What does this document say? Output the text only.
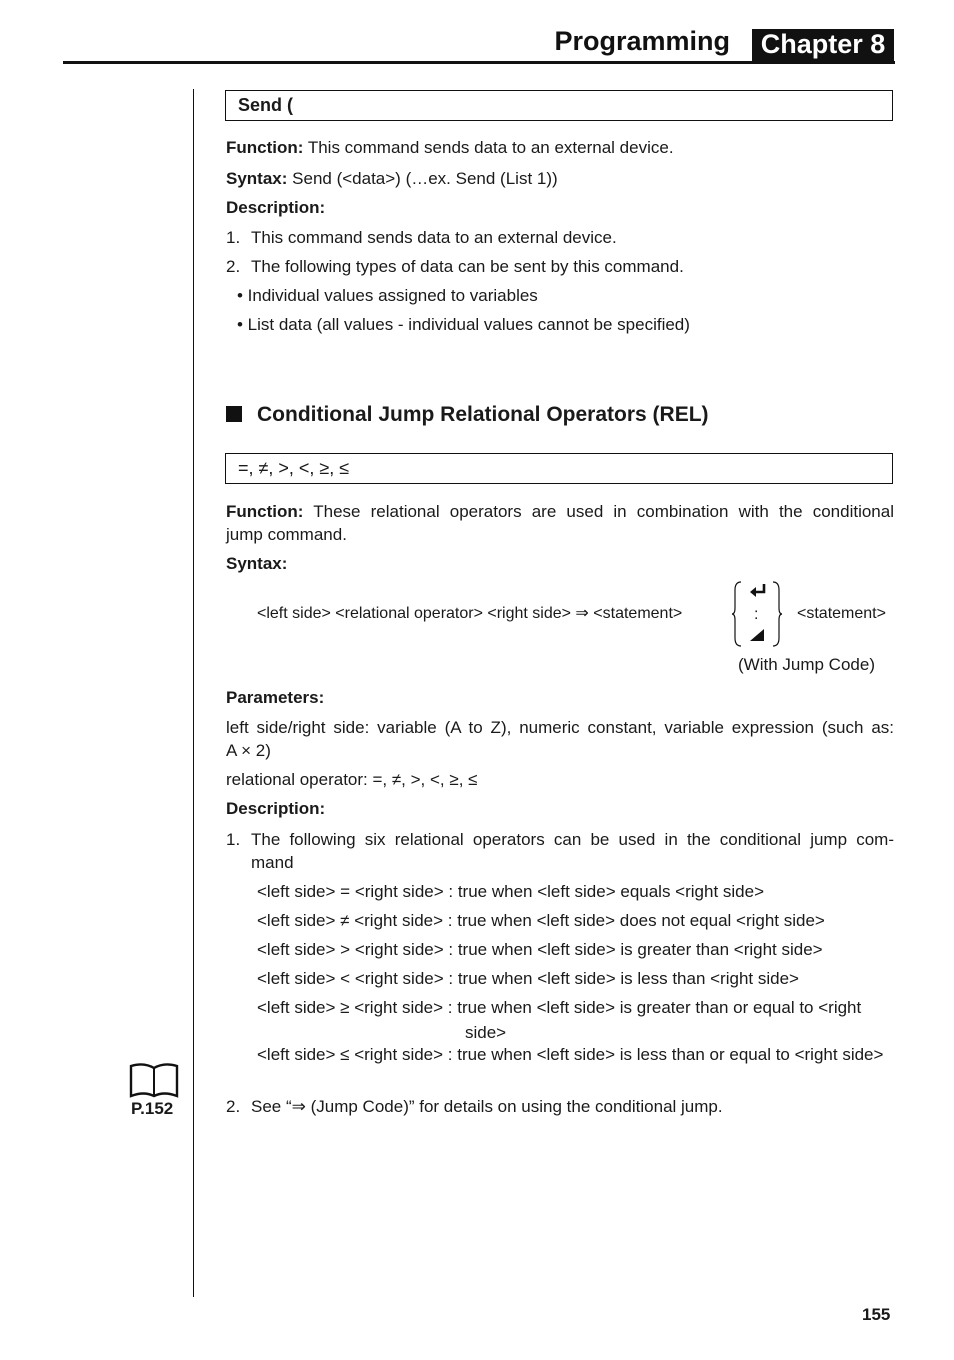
Programming	Chapter 8
Send (
Function: This command sends data to an external device.
Syntax: Send (<data>) (…ex. Send (List 1))
Description:
1. This command sends data to an external device.
2. The following types of data can be sent by this command.
• Individual values assigned to variables
• List data (all values - individual values cannot be specified)
Conditional Jump Relational Operators (REL)
=, ≠, >, <, ≥, ≤
Function: These relational operators are used in combination with the conditional
jump command.
Syntax:
<left side> <relational operator> <right side> ⇒ <statement>	: <statement>
(With Jump Code)
Parameters:
left side/right side: variable (A to Z), numeric constant, variable expression (such as:
A × 2)
relational operator: =, ≠, >, <, ≥, ≤
Description:
1. The following six relational operators can be used in the conditional jump com-
mand
<left side> = <right side> : true when <left side> equals <right side>
<left side> ≠ <right side> : true when <left side> does not equal <right side>
<left side> > <right side> : true when <left side> is greater than <right side>
<left side> < <right side> : true when <left side> is less than <right side>
<left side> ≥ <right side> : true when <left side> is greater than or equal to <right
side>
<left side> ≤ <right side> : true when <left side> is less than or equal to <right side>
2. See “⇒ (Jump Code)” for details on using the conditional jump.
P.152
155
